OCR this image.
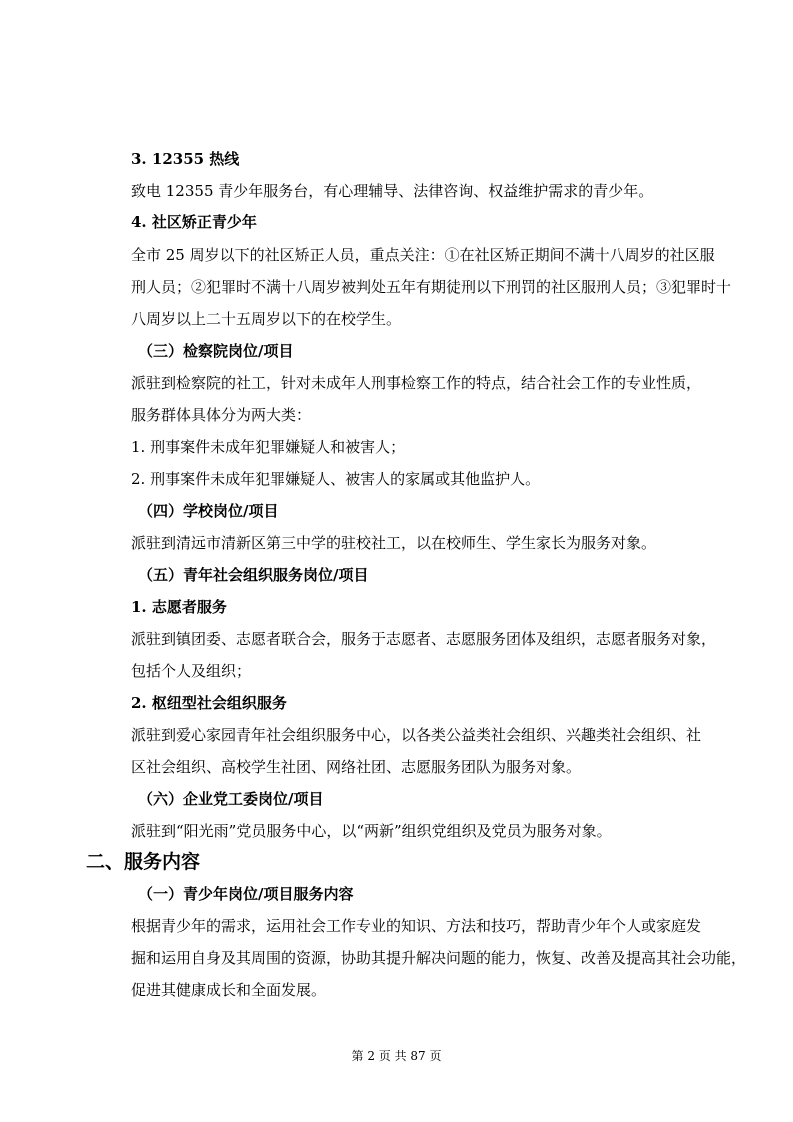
3. 12355 热线
致电 12355 青少年服务台，有心理辅导、法律咨询、权益维护需求的青少年。
4. 社区矫正青少年
全市 25 周岁以下的社区矫正人员，重点关注：①在社区矫正期间不满十八周岁的社区服
刑人员；②犯罪时不满十八周岁被判处五年有期徒刑以下刑罚的社区服刑人员；③犯罪时十
八周岁以上二十五周岁以下的在校学生。
（三）检察院岗位/项目
派驻到检察院的社工，针对未成年人刑事检察工作的特点，结合社会工作的专业性质，
服务群体具体分为两大类：
1. 刑事案件未成年犯罪嫌疑人和被害人；
2. 刑事案件未成年犯罪嫌疑人、被害人的家属或其他监护人。
（四）学校岗位/项目
派驻到清远市清新区第三中学的驻校社工，以在校师生、学生家长为服务对象。
（五）青年社会组织服务岗位/项目
1. 志愿者服务
派驻到镇团委、志愿者联合会，服务于志愿者、志愿服务团体及组织，志愿者服务对象，
包括个人及组织；
2. 枢纽型社会组织服务
派驻到爱心家园青年社会组织服务中心，以各类公益类社会组织、兴趣类社会组织、社
区社会组织、高校学生社团、网络社团、志愿服务团队为服务对象。
（六）企业党工委岗位/项目
派驻到“阳光雨”党员服务中心，以“两新”组织党组织及党员为服务对象。
（一）青少年岗位/项目服务内容
根据青少年的需求，运用社会工作专业的知识、方法和技巧，帮助青少年个人或家庭发
掘和运用自身及其周围的资源，协助其提升解决问题的能力，恢复、改善及提高其社会功能，
促进其健康成长和全面发展。
二、服务内容
第 2 页 共 87 页
